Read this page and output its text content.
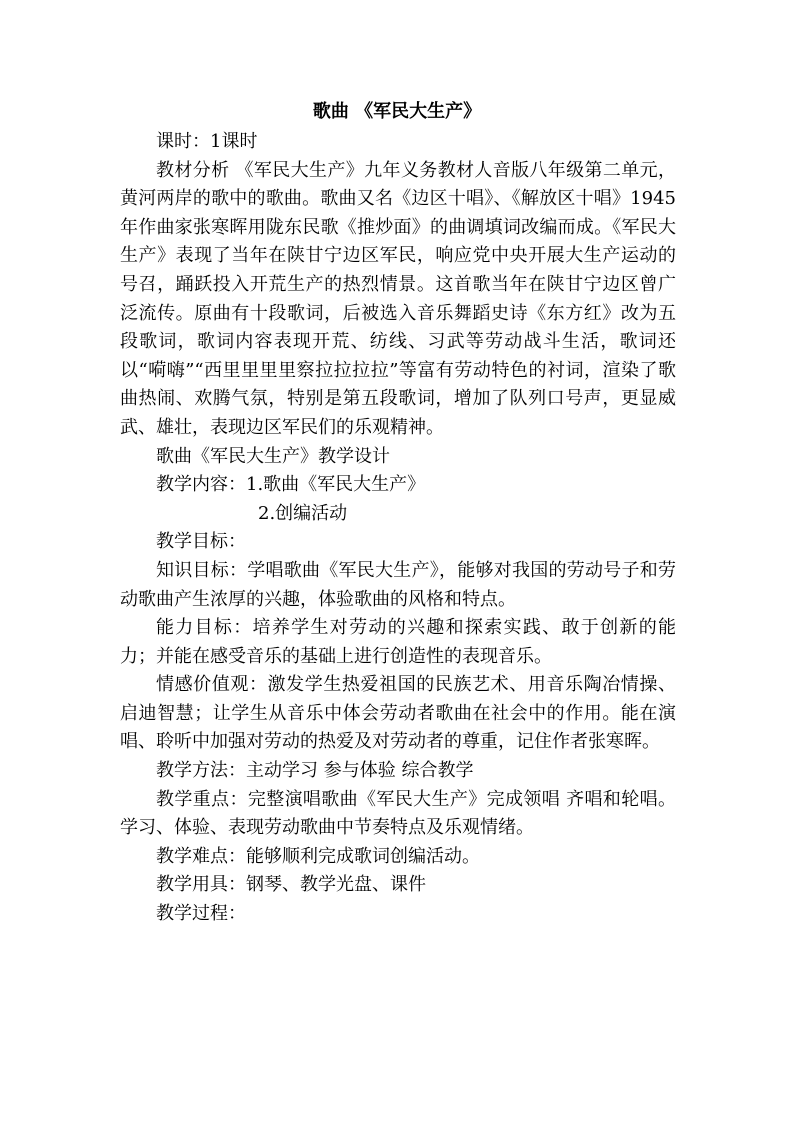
歌曲 《军民大生产》

课时：1课时

教材分析 《军民大生产》九年义务教材人音版八年级第二单元，黄河两岸的歌中的歌曲。歌曲又名《边区十唱》、《解放区十唱》1945年作曲家张寒晖用陇东民歌《推炒面》的曲调填词改编而成。《军民大生产》表现了当年在陕甘宁边区军民，响应党中央开展大生产运动的号召，踊跃投入开荒生产的热烈情景。这首歌当年在陕甘宁边区曾广泛流传。原曲有十段歌词，后被选入音乐舞蹈史诗《东方红》改为五段歌词，歌词内容表现开荒、纺线、习武等劳动战斗生活，歌词还以“嗬嗨”“西里里里里察拉拉拉拉”等富有劳动特色的衬词，渲染了歌曲热闹、欢腾气氛，特别是第五段歌词，增加了队列口号声，更显威武、雄壮，表现边区军民们的乐观精神。

歌曲《军民大生产》教学设计

教学内容：1.歌曲《军民大生产》

2.创编活动

教学目标：

知识目标：学唱歌曲《军民大生产》，能够对我国的劳动号子和劳动歌曲产生浓厚的兴趣，体验歌曲的风格和特点。

能力目标：培养学生对劳动的兴趣和探索实践、敢于创新的能力；并能在感受音乐的基础上进行创造性的表现音乐。

情感价值观：激发学生热爱祖国的民族艺术、用音乐陶冶情操、启迪智慧；让学生从音乐中体会劳动者歌曲在社会中的作用。能在演唱、聆听中加强对劳动的热爱及对劳动者的尊重，记住作者张寒晖。

教学方法：主动学习 参与体验 综合教学

教学重点：完整演唱歌曲《军民大生产》完成领唱 齐唱和轮唱。学习、体验、表现劳动歌曲中节奏特点及乐观情绪。

教学难点：能够顺利完成歌词创编活动。

教学用具：钢琴、教学光盘、课件

教学过程：
